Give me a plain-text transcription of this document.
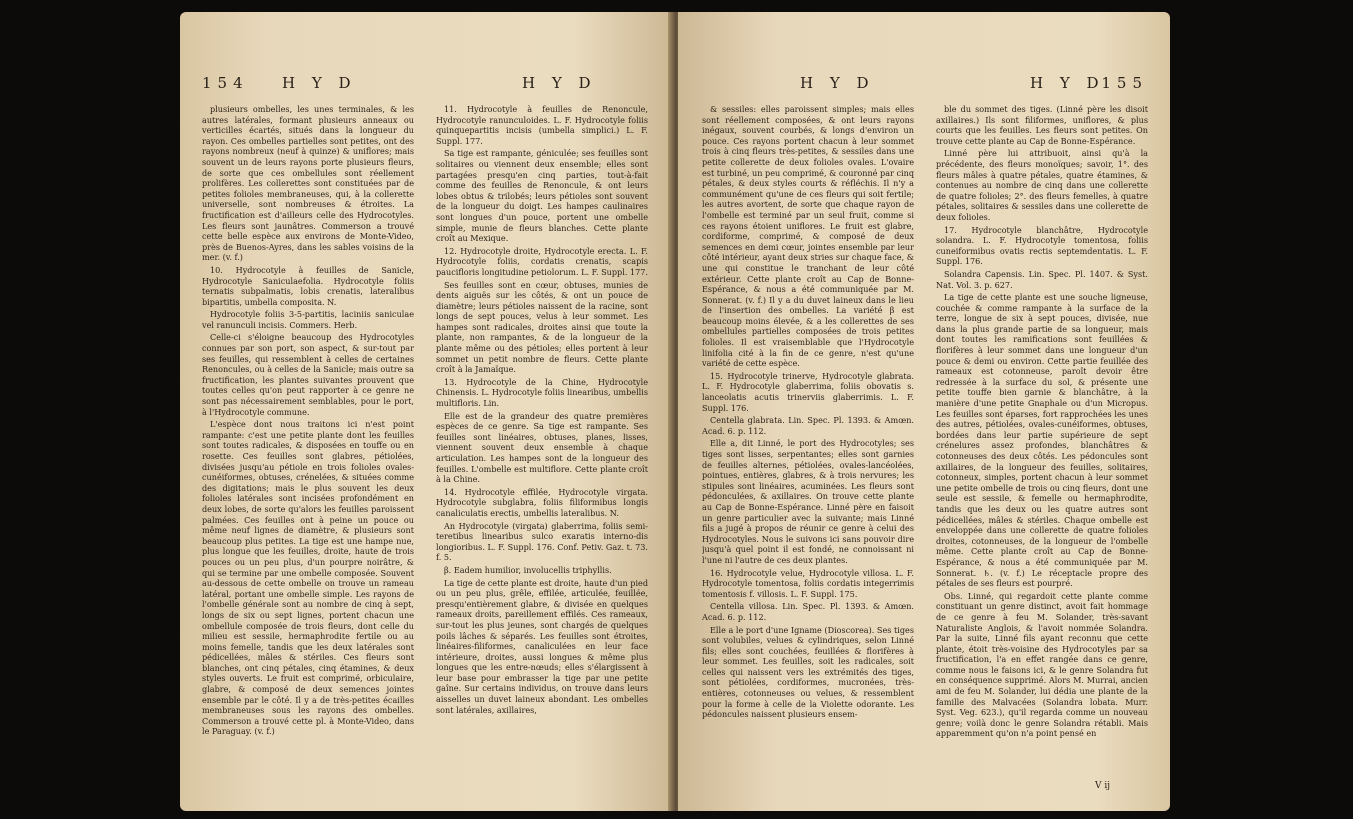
154 H Y D	H Y D

plusieurs ombelles, les unes terminales, & les autres latérales, formant plusieurs anneaux ou verticilles écartés, situés dans la longueur du rayon. Ces ombelles partielles sont petites, ont des rayons nombreux (neuf à quinze) & uniflores; mais souvent un de leurs rayons porte plusieurs fleurs, de sorte que ces ombellules sont réellement prolifères. Les collerettes sont constituées par de petites folioles membraneuses, qui, à la collerette universelle, sont nombreuses & étroites. La fructification est d'ailleurs celle des Hydrocotyles. Les fleurs sont jaunâtres. Commerson a trouvé cette belle espèce aux environs de Monte-Video, près de Buenos-Ayres, dans les sables voisins de la mer. (v. f.)

10. Hydrocotyle à feuilles de Sanicle, Hydrocotyle Saniculaefolia. Hydrocotyle foliis ternatis subpalmatis, lobis crenatis, lateralibus bipartitis, umbella composita. N.

Hydrocotyle foliis 3-5-partitis, laciniis saniculae vel ranunculi incisis. Commers. Herb.

Celle-ci s'éloigne beaucoup des Hydrocotyles connues par son port, son aspect, & sur-tout par ses feuilles, qui ressemblent à celles de certaines Renoncules, ou à celles de la Sanicle; mais outre sa fructification, les plantes suivantes prouvent que toutes celles qu'on peut rapporter à ce genre ne sont pas nécessairement semblables, pour le port, à l'Hydrocotyle commune.

L'espèce dont nous traitons ici n'est point rampante: c'est une petite plante dont les feuilles sont toutes radicales, & disposées en touffe ou en rosette. Ces feuilles sont glabres, pétiolées, divisées jusqu'au pétiole en trois folioles ovales-cunéiformes, obtuses, crénelées, & situées comme des digitations; mais le plus souvent les deux folioles latérales sont incisées profondément en deux lobes, de sorte qu'alors les feuilles paroissent palmées. Ces feuilles ont à peine un pouce ou même neuf lignes de diamètre, & plusieurs sont beaucoup plus petites. La tige est une hampe nue, plus longue que les feuilles, droite, haute de trois pouces ou un peu plus, d'un pourpre noirâtre, & qui se termine par une ombelle composée. Souvent au-dessous de cette ombelle on trouve un rameau latéral, portant une ombelle simple. Les rayons de l'ombelle générale sont au nombre de cinq à sept, longs de six ou sept lignes, portent chacun une ombellule composée de trois fleurs, dont celle du milieu est sessile, hermaphrodite fertile ou au moins femelle, tandis que les deux latérales sont pédicellées, mâles & stériles. Ces fleurs sont blanches, ont cinq pétales, cinq étamines, & deux styles ouverts. Le fruit est comprimé, orbiculaire, glabre, & composé de deux semences jointes ensemble par le côté. Il y a de très-petites écailles membraneuses sous les rayons des ombelles. Commerson a trouvé cette pl. à Monte-Video, dans le Paraguay. (v. f.)

11. Hydrocotyle à feuilles de Renoncule, Hydrocotyle ranunculoides. L. F. Hydrocotyle foliis quinquepartitis incisis (umbella simplici.) L. F. Suppl. 177.

Sa tige est rampante, géniculée; ses feuilles sont solitaires ou viennent deux ensemble; elles sont partagées presqu'en cinq parties, tout-à-fait comme des feuilles de Renoncule, & ont leurs lobes obtus & trilobés; leurs pétioles sont souvent de la longueur du doigt. Les hampes caulinaires sont longues d'un pouce, portent une ombelle simple, munie de fleurs blanches. Cette plante croît au Mexique.

12. Hydrocotyle droite, Hydrocotyle erecta. L. F. Hydrocotyle foliis, cordatis crenatis, scapis paucifloris longitudine petiolorum. L. F. Suppl. 177.

Ses feuilles sont en cœur, obtuses, munies de dents aiguës sur les côtés, & ont un pouce de diamètre; leurs pétioles naissent de la racine, sont longs de sept pouces, velus à leur sommet. Les hampes sont radicales, droites ainsi que toute la plante, non rampantes, & de la longueur de la plante même ou des pétioles; elles portent à leur sommet un petit nombre de fleurs. Cette plante croît à la Jamaïque.

13. Hydrocotyle de la Chine, Hydrocotyle Chinensis. L. Hydrocotyle foliis linearibus, umbellis multifloris. Lin.

Elle est de la grandeur des quatre premières espèces de ce genre. Sa tige est rampante. Ses feuilles sont linéaires, obtuses, planes, lisses, viennent souvent deux ensemble à chaque articulation. Les hampes sont de la longueur des feuilles. L'ombelle est multiflore. Cette plante croît à la Chine.

14. Hydrocotyle effilée, Hydrocotyle virgata. Hydrocotyle subglabra, foliis filiformibus longis canaliculatis erectis, umbellis lateralibus. N.

An Hydrocotyle (virgata) glaberrima, foliis semi-teretibus linearibus sulco exaratis interno-dis longioribus. L. F. Suppl. 176. Conf. Petiv. Gaz. t. 73. f. 5.

β. Eadem humilior, involucellis triphyllis.

La tige de cette plante est droite, haute d'un pied ou un peu plus, grêle, effilée, articulée, feuillée, presqu'entièrement glabre, & divisée en quelques rameaux droits, pareillement effilés. Ces rameaux, sur-tout les plus jeunes, sont chargés de quelques poils lâches & séparés. Les feuilles sont étroites, linéaires-filiformes, canaliculées en leur face intérieure, droites, aussi longues & même plus longues que les entre-nœuds; elles s'élargissent à leur base pour embrasser la tige par une petite gaîne. Sur certains individus, on trouve dans leurs aisselles un duvet laineux abondant. Les ombelles sont latérales, axillaires,

H Y D	H Y D
155

& sessiles: elles paroissent simples; mais elles sont réellement composées, & ont leurs rayons inégaux, souvent courbés, & longs d'environ un pouce. Ces rayons portent chacun à leur sommet trois à cinq fleurs très-petites, & sessiles dans une petite collerette de deux folioles ovales. L'ovaire est turbiné, un peu comprimé, & couronné par cinq pétales, & deux styles courts & réfléchis. Il n'y a communément qu'une de ces fleurs qui soit fertile; les autres avortent, de sorte que chaque rayon de l'ombelle est terminé par un seul fruit, comme si ces rayons étoient uniflores. Le fruit est glabre, cordiforme, comprimé, & composé de deux semences en demi cœur, jointes ensemble par leur côté intérieur, ayant deux stries sur chaque face, & une qui constitue le tranchant de leur côté extérieur. Cette plante croît au Cap de Bonne-Espérance, & nous a été communiquée par M. Sonnerat. (v. f.) Il y a du duvet laineux dans le lieu de l'insertion des ombelles. La variété β est beaucoup moins élevée, & a les collerettes de ses ombellules partielles composées de trois petites folioles. Il est vraisemblable que l'Hydrocotyle linifolia cité à la fin de ce genre, n'est qu'une variété de cette espèce.

15. Hydrocotyle trinerve, Hydrocotyle glabrata. L. F. Hydrocotyle glaberrima, foliis obovatis s. lanceolatis acutis trinerviis glaberrimis. L. F. Suppl. 176.

Centella glabrata. Lin. Spec. Pl. 1393. & Amœn. Acad. 6. p. 112.

Elle a, dit Linné, le port des Hydrocotyles; ses tiges sont lisses, serpentantes; elles sont garnies de feuilles alternes, pétiolées, ovales-lancéolées, pointues, entières, glabres, & à trois nervures; les stipules sont linéaires, acuminées. Les fleurs sont pédonculées, & axillaires. On trouve cette plante au Cap de Bonne-Espérance. Linné père en faisoit un genre particulier avec la suivante; mais Linné fils a jugé à propos de réunir ce genre à celui des Hydrocotyles. Nous le suivons ici sans pouvoir dire jusqu'à quel point il est fondé, ne connoissant ni l'une ni l'autre de ces deux plantes.

16. Hydrocotyle velue, Hydrocotyle villosa. L. F. Hydrocotyle tomentosa, foliis cordatis integerrimis tomentosis f. villosis. L. F. Suppl. 175.

Centella villosa. Lin. Spec. Pl. 1393. & Amœn. Acad. 6. p. 112.

Elle a le port d'une Igname (Dioscorea). Ses tiges sont volubiles, velues & cylindriques, selon Linné fils; elles sont couchées, feuillées & florifères à leur sommet. Les feuilles, soit les radicales, soit celles qui naissent vers les extrémités des tiges, sont pétiolées, cordiformes, mucronées, très-entières, cotonneuses ou velues, & ressemblent pour la forme à celle de la Violette odorante. Les pédoncules naissent plusieurs ensem-

ble du sommet des tiges. (Linné père les disoit axillaires.) Ils sont filiformes, uniflores, & plus courts que les feuilles. Les fleurs sont petites. On trouve cette plante au Cap de Bonne-Espérance.

Linné père lui attribuoit, ainsi qu'à la précédente, des fleurs monoïques; savoir, 1°. des fleurs mâles à quatre pétales, quatre étamines, & contenues au nombre de cinq dans une collerette de quatre folioles; 2°. des fleurs femelles, à quatre pétales, solitaires & sessiles dans une collerette de deux folioles.

17. Hydrocotyle blanchâtre, Hydrocotyle solandra. L. F. Hydrocotyle tomentosa, foliis cuneiformibus ovatis rectis septemdentatis. L. F. Suppl. 176.

Solandra Capensis. Lin. Spec. Pl. 1407. & Syst. Nat. Vol. 3. p. 627.

La tige de cette plante est une souche ligneuse, couchée & comme rampante à la surface de la terre, longue de six à sept pouces, divisée, nue dans la plus grande partie de sa longueur, mais dont toutes les ramifications sont feuillées & florifères à leur sommet dans une longueur d'un pouce & demi ou environ. Cette partie feuillée des rameaux est cotonneuse, paroît devoir être redressée à la surface du sol, & présente une petite touffe bien garnie & blanchâtre, à la manière d'une petite Gnaphale ou d'un Micropus. Les feuilles sont éparses, fort rapprochées les unes des autres, pétiolées, ovales-cunéiformes, obtuses, bordées dans leur partie supérieure de sept crénelures assez profondes, blanchâtres & cotonneuses des deux côtés. Les pédoncules sont axillaires, de la longueur des feuilles, solitaires, cotonneux, simples, portent chacun à leur sommet une petite ombelle de trois ou cinq fleurs, dont une seule est sessile, & femelle ou hermaphrodite, tandis que les deux ou les quatre autres sont pédicellées, mâles & stériles. Chaque ombelle est enveloppée dans une collerette de quatre folioles droites, cotonneuses, de la longueur de l'ombelle même. Cette plante croît au Cap de Bonne-Espérance, & nous a été communiquée par M. Sonnerat. ♄. (v. f.) Le réceptacle propre des pétales de ses fleurs est pourpré.

Obs. Linné, qui regardoit cette plante comme constituant un genre distinct, avoit fait hommage de ce genre à feu M. Solander, très-savant Naturaliste Anglois, & l'avoit nommée Solandra. Par la suite, Linné fils ayant reconnu que cette plante, étoit très-voisine des Hydrocotyles par sa fructification, l'a en effet rangée dans ce genre, comme nous le faisons ici, & le genre Solandra fut en conséquence supprimé. Alors M. Murrai, ancien ami de feu M. Solander, lui dédia une plante de la famille des Malvacées (Solandra lobata. Murr. Syst. Veg. 623.), qu'il regarda comme un nouveau genre; voilà donc le genre Solandra rétabli. Mais apparemment qu'on n'a point pensé en

V ij
